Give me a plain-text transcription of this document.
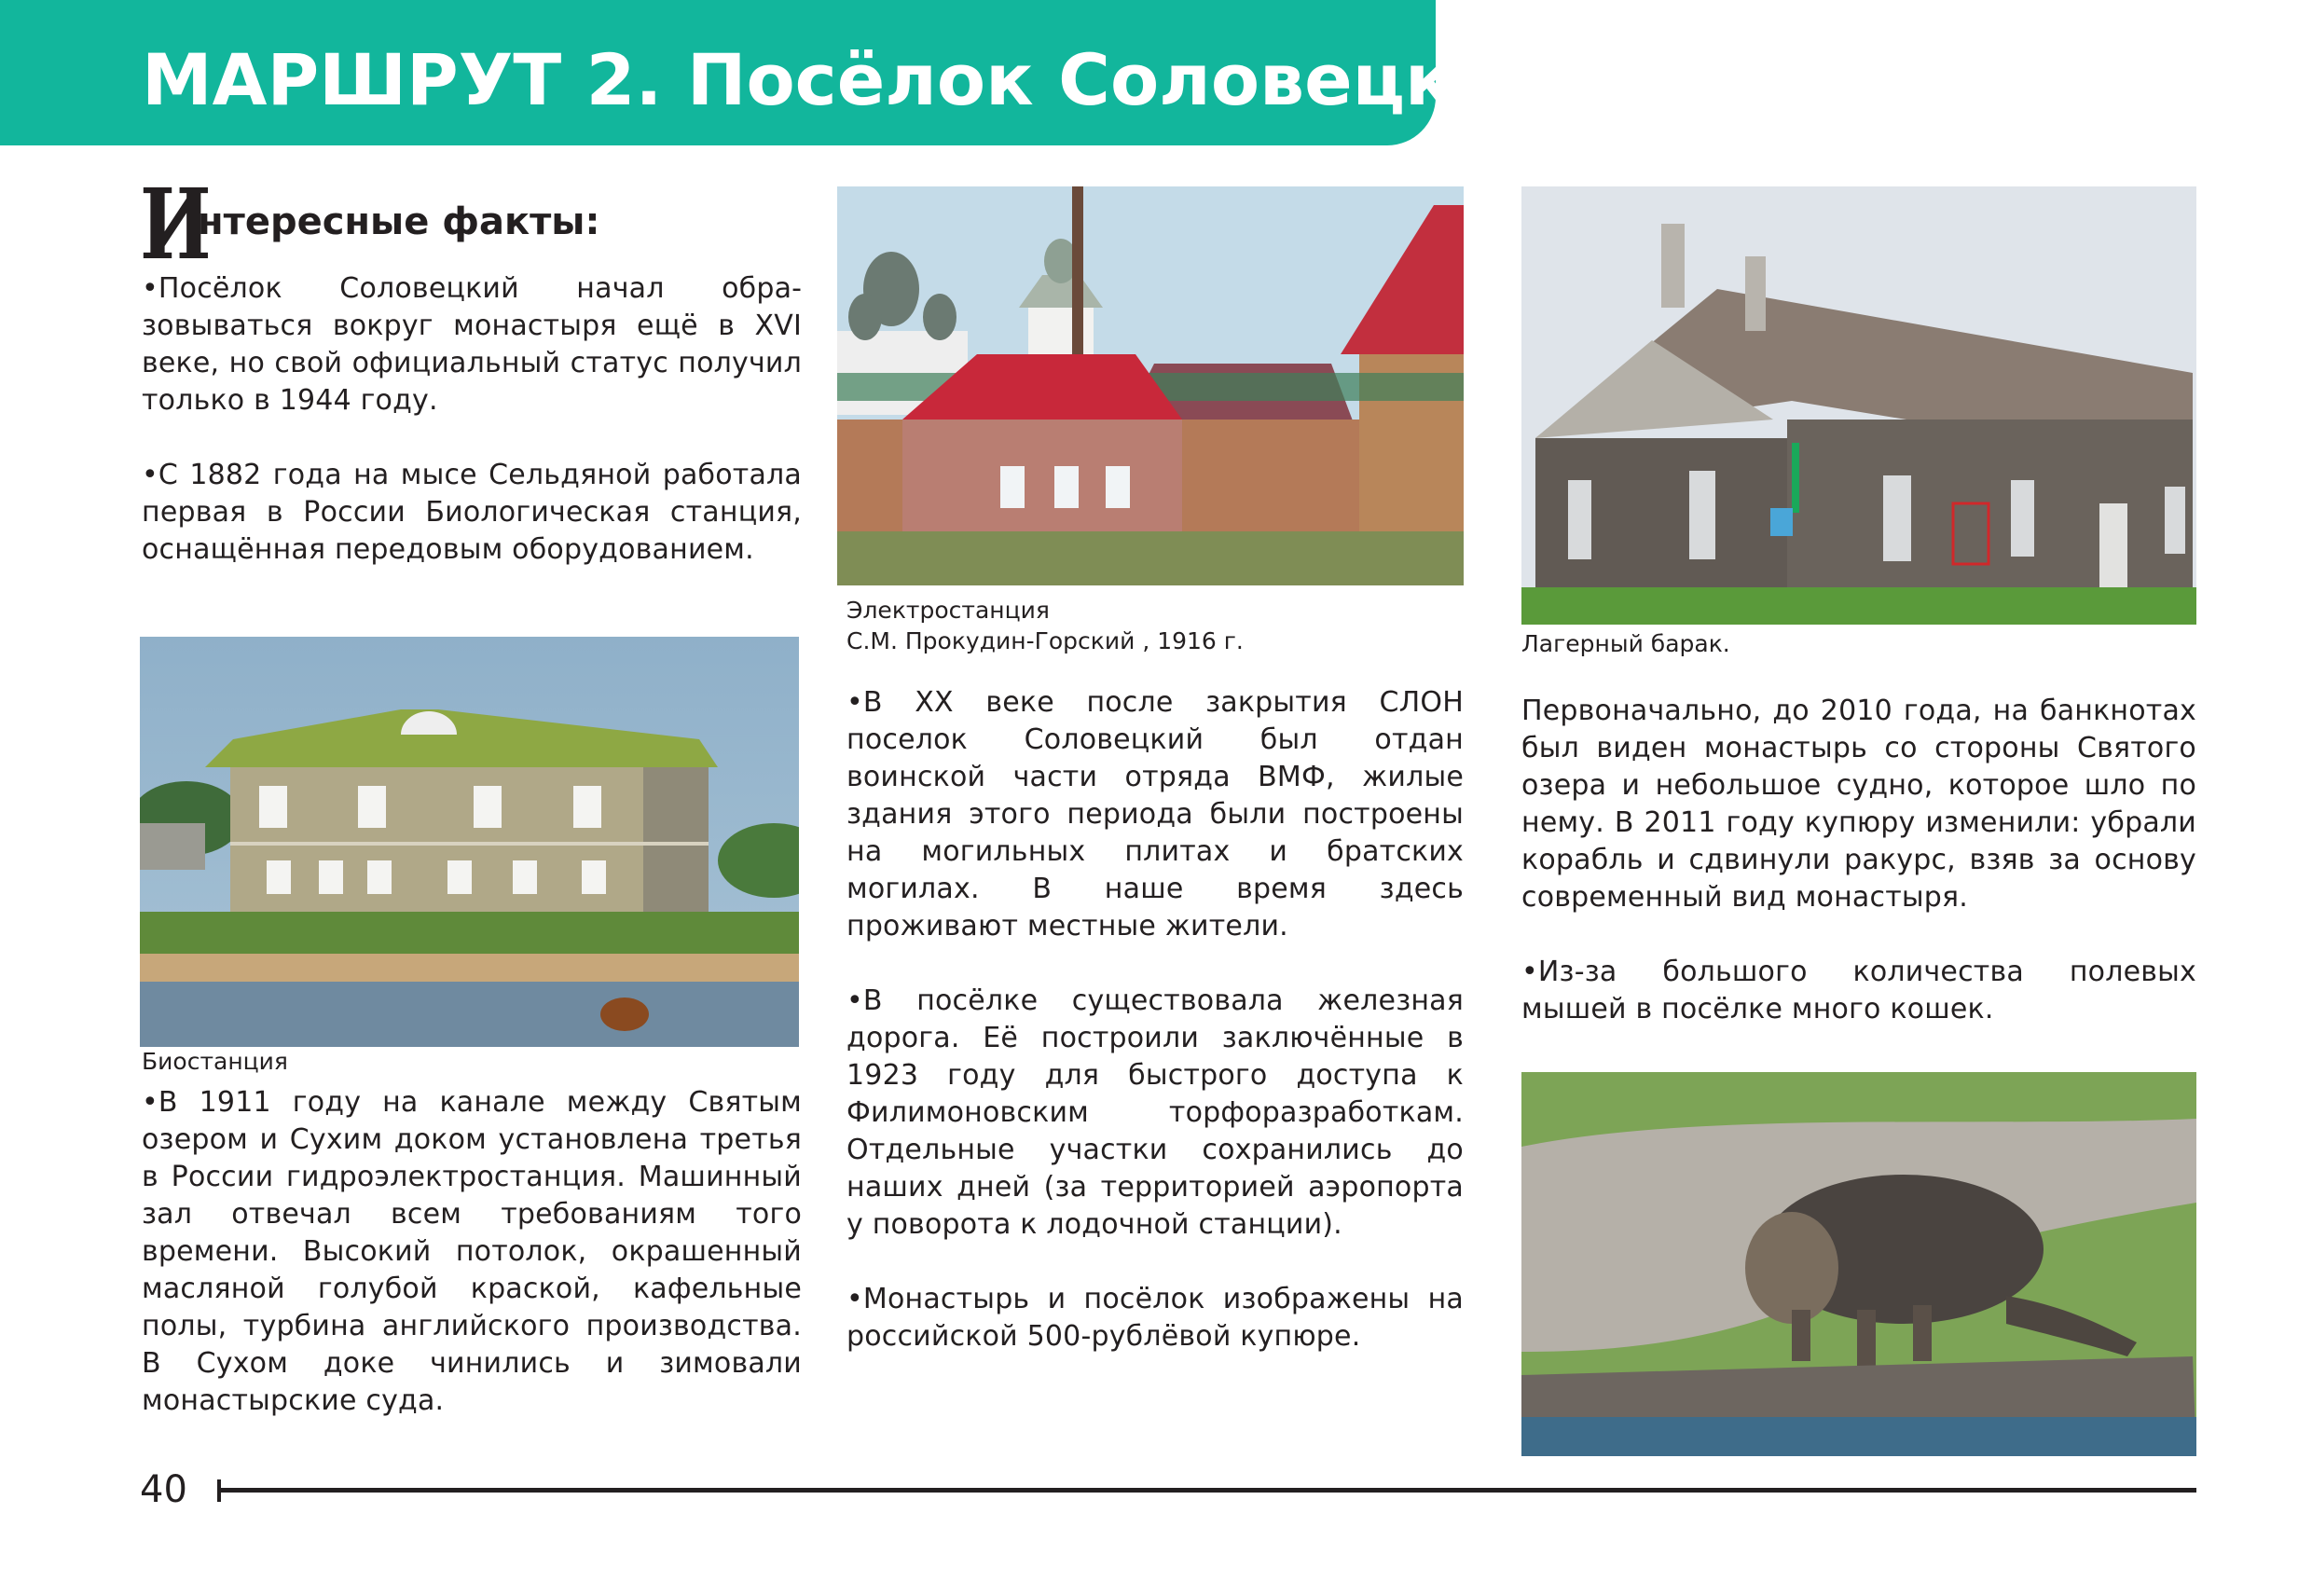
МАРШРУТ 2. Посёлок Соловецкий
И
нтересные факты:

•Посёлок Соловецкий начал образовываться вокруг монастыря ещё в XVI веке, но свой официальный статус получил только в 1944 году.

•С 1882 года на мысе Сельдяной работала первая в России Биологическая станция, оснащённая передовым оборудованием.

Биостанция

•В 1911 году на канале между Святым озером и Сухим доком установлена третья в России гидроэлектростанция. Машинный зал отвечал всем требованиям того времени. Высокий потолок, окрашенный масляной голубой краской, кафельные полы, турбина английского производства. В Сухом доке чинились и зимовали монастырские суда.

Электростанция

С.М. Прокудин-Горский , 1916 г.

•В XX веке после закрытия СЛОН поселок Соловецкий был отдан воинской части отряда ВМФ, жилые здания этого периода были построены на могильных плитах и братских могилах. В наше время здесь проживают местные жители.

•В посёлке существовала железная дорога. Её построили заключённые в 1923 году для быстрого доступа к Филимоновским торфоразработкам. Отдельные участки сохранились до наших дней (за территорией аэропорта у поворота к лодочной станции).

•Монастырь и посёлок изображены на российской 500-рублёвой купюре.

Лагерный барак.

Первоначально, до 2010 года, на банкнотах был виден монастырь со стороны Святого озера и небольшое судно, которое шло по нему. В 2011 году купюру изменили: убрали корабль и сдвинули ракурс, взяв за основу современный вид монастыря.

•Из-за большого количества полевых мышей в посёлке много кошек.

40
